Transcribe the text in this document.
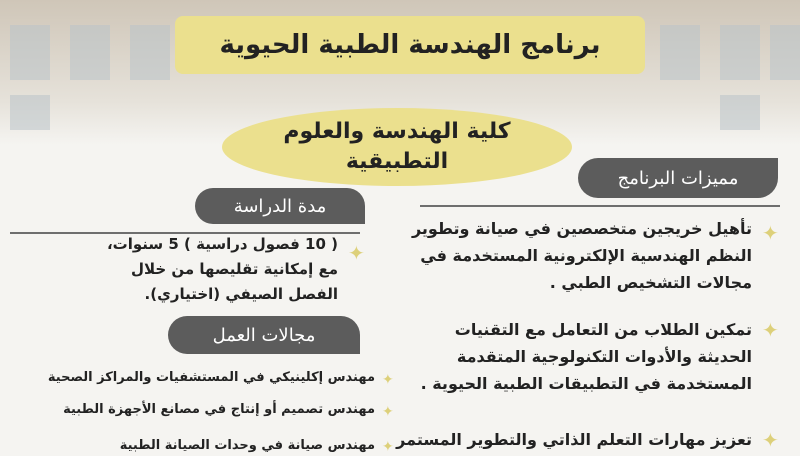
برنامج الهندسة الطبية الحيوية
كلية الهندسة والعلوم
التطبيقية
مميزات البرنامج
✦
تأهيل خريجين متخصصين في صيانة وتطوير
النظم الهندسية الإلكترونية المستخدمة في
مجالات التشخيص الطبي .
✦
تمكين الطلاب من التعامل مع التقنيات
الحديثة والأدوات التكنولوجية المتقدمة
المستخدمة في التطبيقات الطبية الحيوية .
✦
تعزيز مهارات التعلم الذاتي والتطوير المستمر
مدة الدراسة
✦
( 10 فصول دراسية ) 5 سنوات،
مع إمكانية تقليصها من خلال
الفصل الصيفي (اختياري).
مجالات العمل
✦
مهندس إكلينيكي في المستشفيات والمراكز الصحية
✦
مهندس تصميم أو إنتاج في مصانع الأجهزة الطبية
✦
مهندس صيانة في وحدات الصيانة الطبية
